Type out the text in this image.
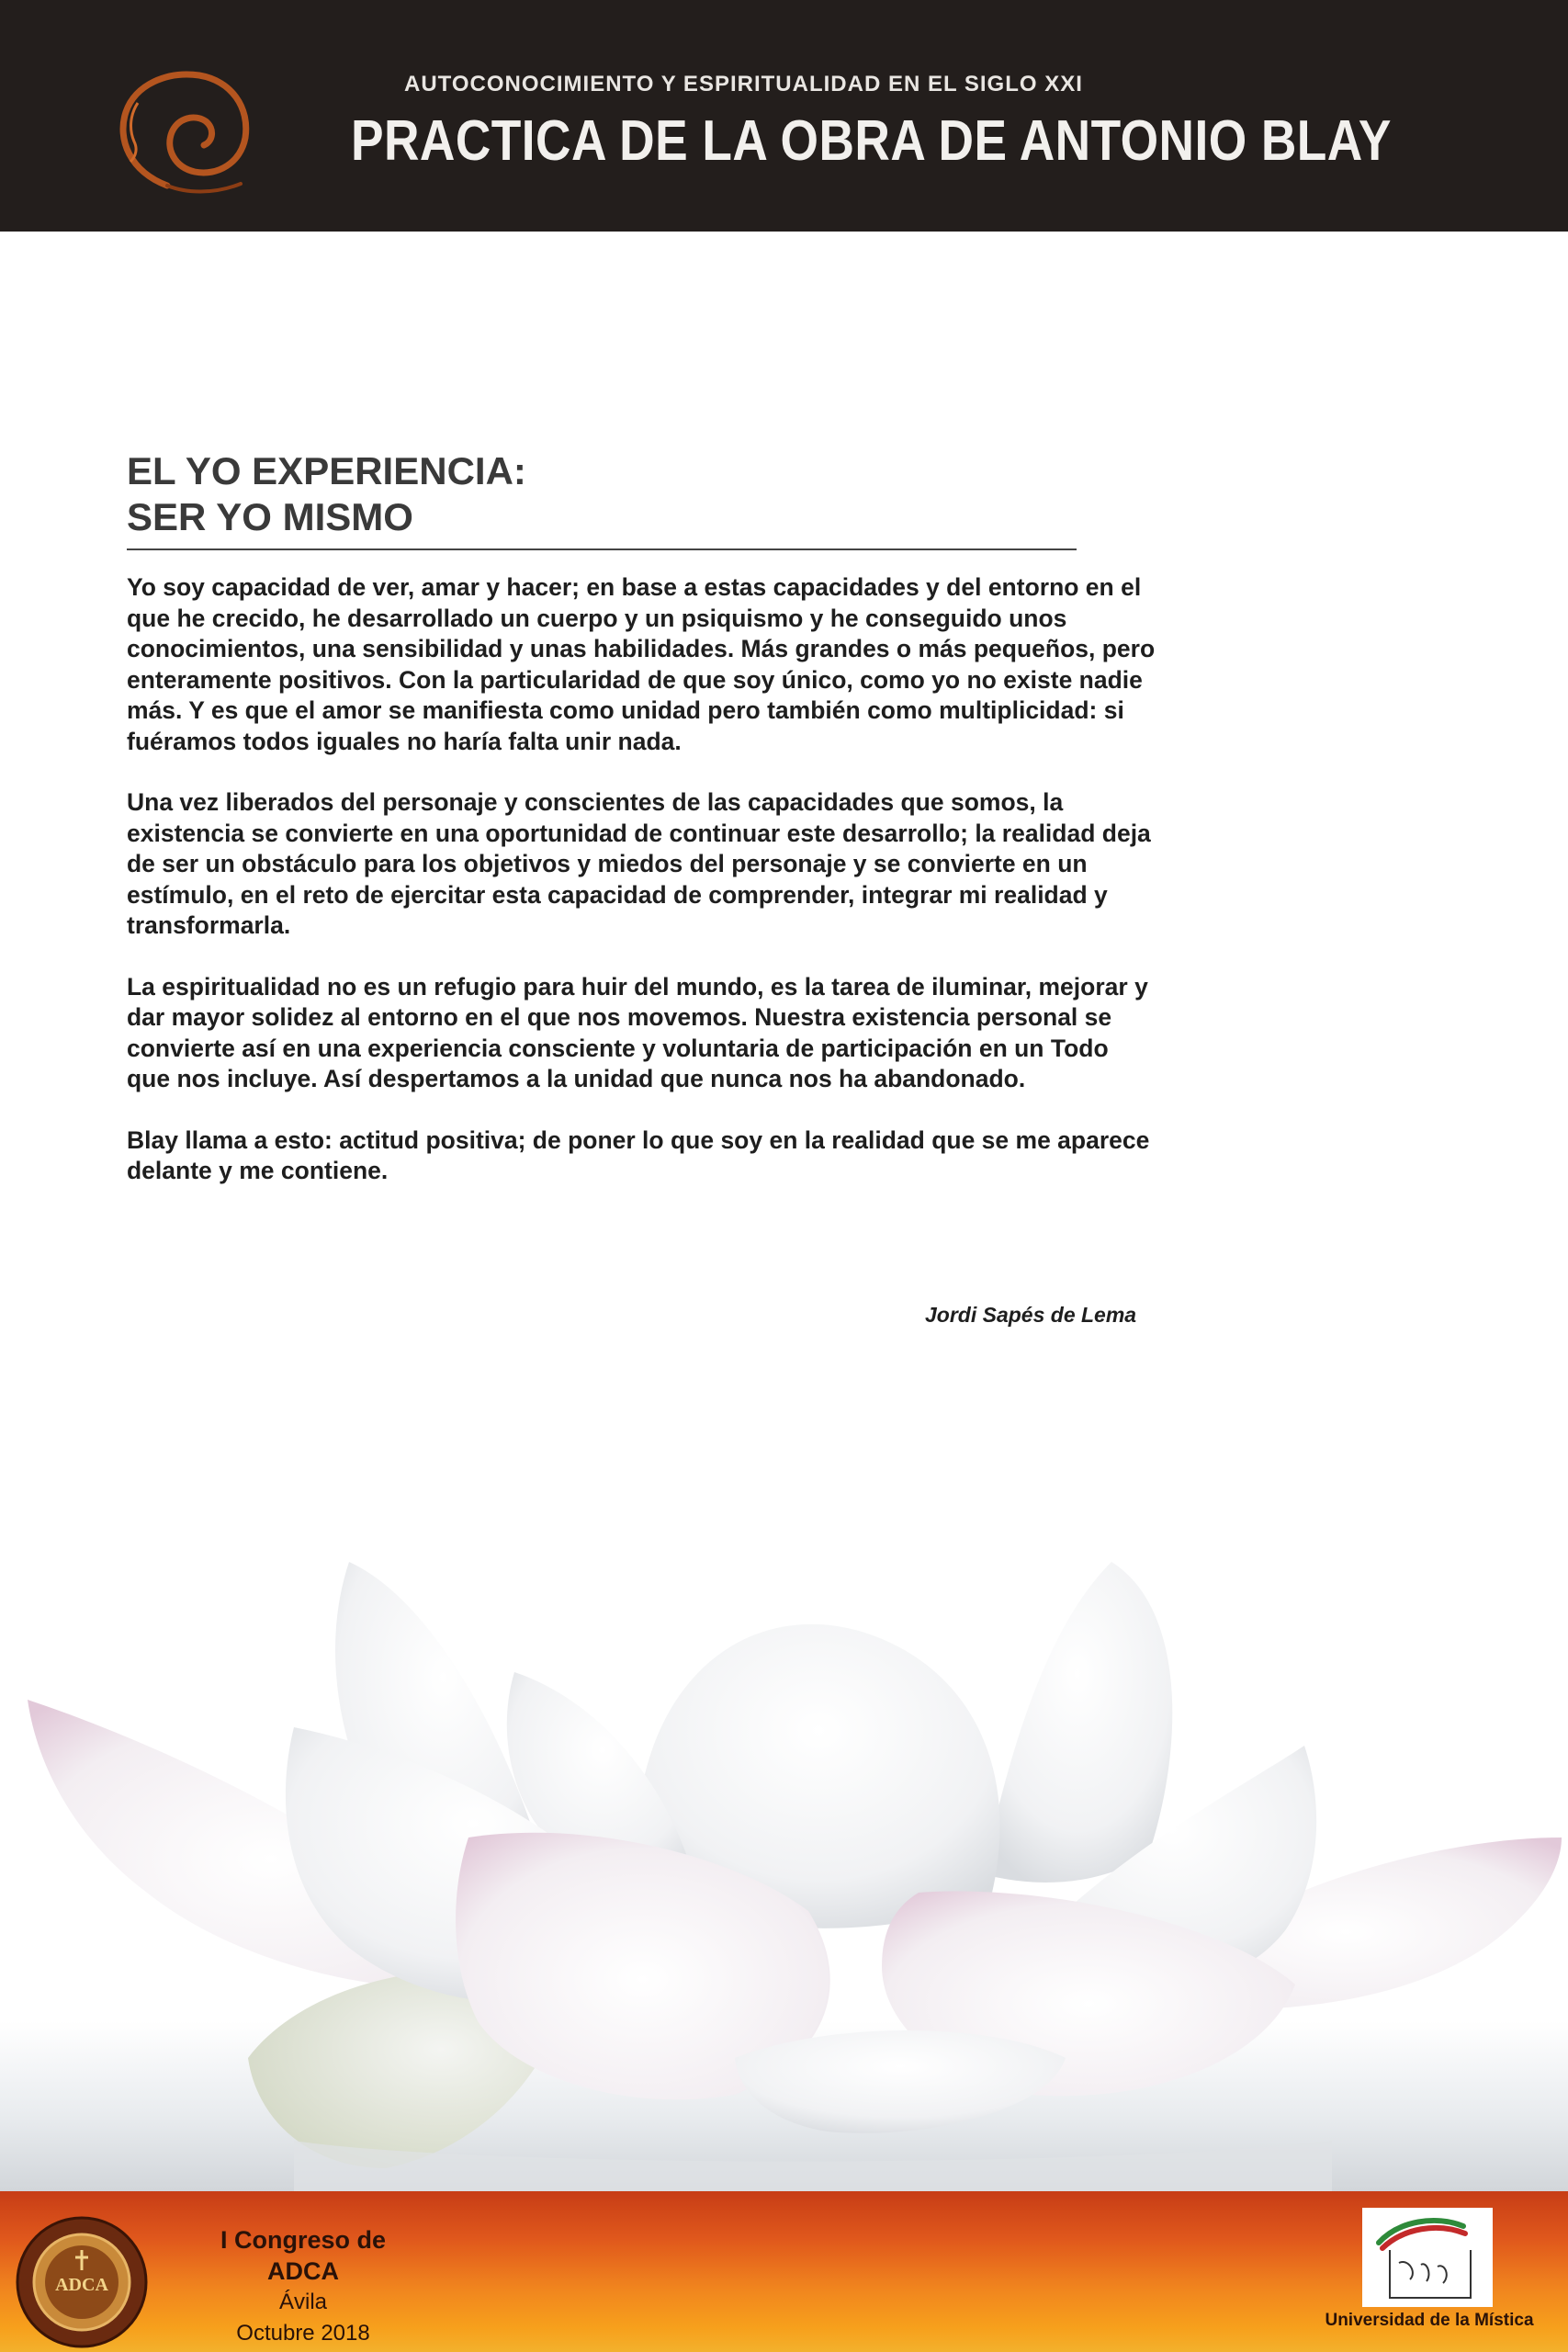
AUTOCONOCIMIENTO Y ESPIRITUALIDAD EN EL SIGLO XXI
PRACTICA DE LA OBRA DE ANTONIO BLAY
EL YO EXPERIENCIA:
SER YO MISMO

Yo soy capacidad de ver, amar y hacer; en base a estas capacidades y del entorno en el que he crecido, he desarrollado un cuerpo y un psiquismo y he conseguido unos conocimientos, una sensibilidad y unas habilidades. Más grandes o más pequeños, pero enteramente positivos. Con la particularidad de que soy único, como yo no existe nadie más. Y es que el amor se manifiesta como unidad pero también como multiplicidad: si fuéramos todos iguales no haría falta unir nada.

Una vez liberados del personaje y conscientes de las capacidades que somos, la existencia se convierte en una oportunidad de continuar este desarrollo; la realidad deja de ser un obstáculo para los objetivos y miedos del personaje y se convierte en un estímulo, en el reto de ejercitar esta capacidad de comprender, integrar mi realidad y transformarla.

La espiritualidad no es un refugio para huir del mundo, es la tarea de iluminar, mejorar y dar mayor solidez al entorno en el que nos movemos. Nuestra existencia personal se convierte así en una experiencia consciente y voluntaria de participación en un Todo que nos incluye. Así despertamos a la unidad que nunca nos ha abandonado.

Blay llama a esto: actitud positiva; de poner lo que soy en la realidad que se me aparece delante y me contiene.

Jordi Sapés de Lema
ADCA
I Congreso de ADCA
Ávila
Octubre 2018
Universidad de la Mística
